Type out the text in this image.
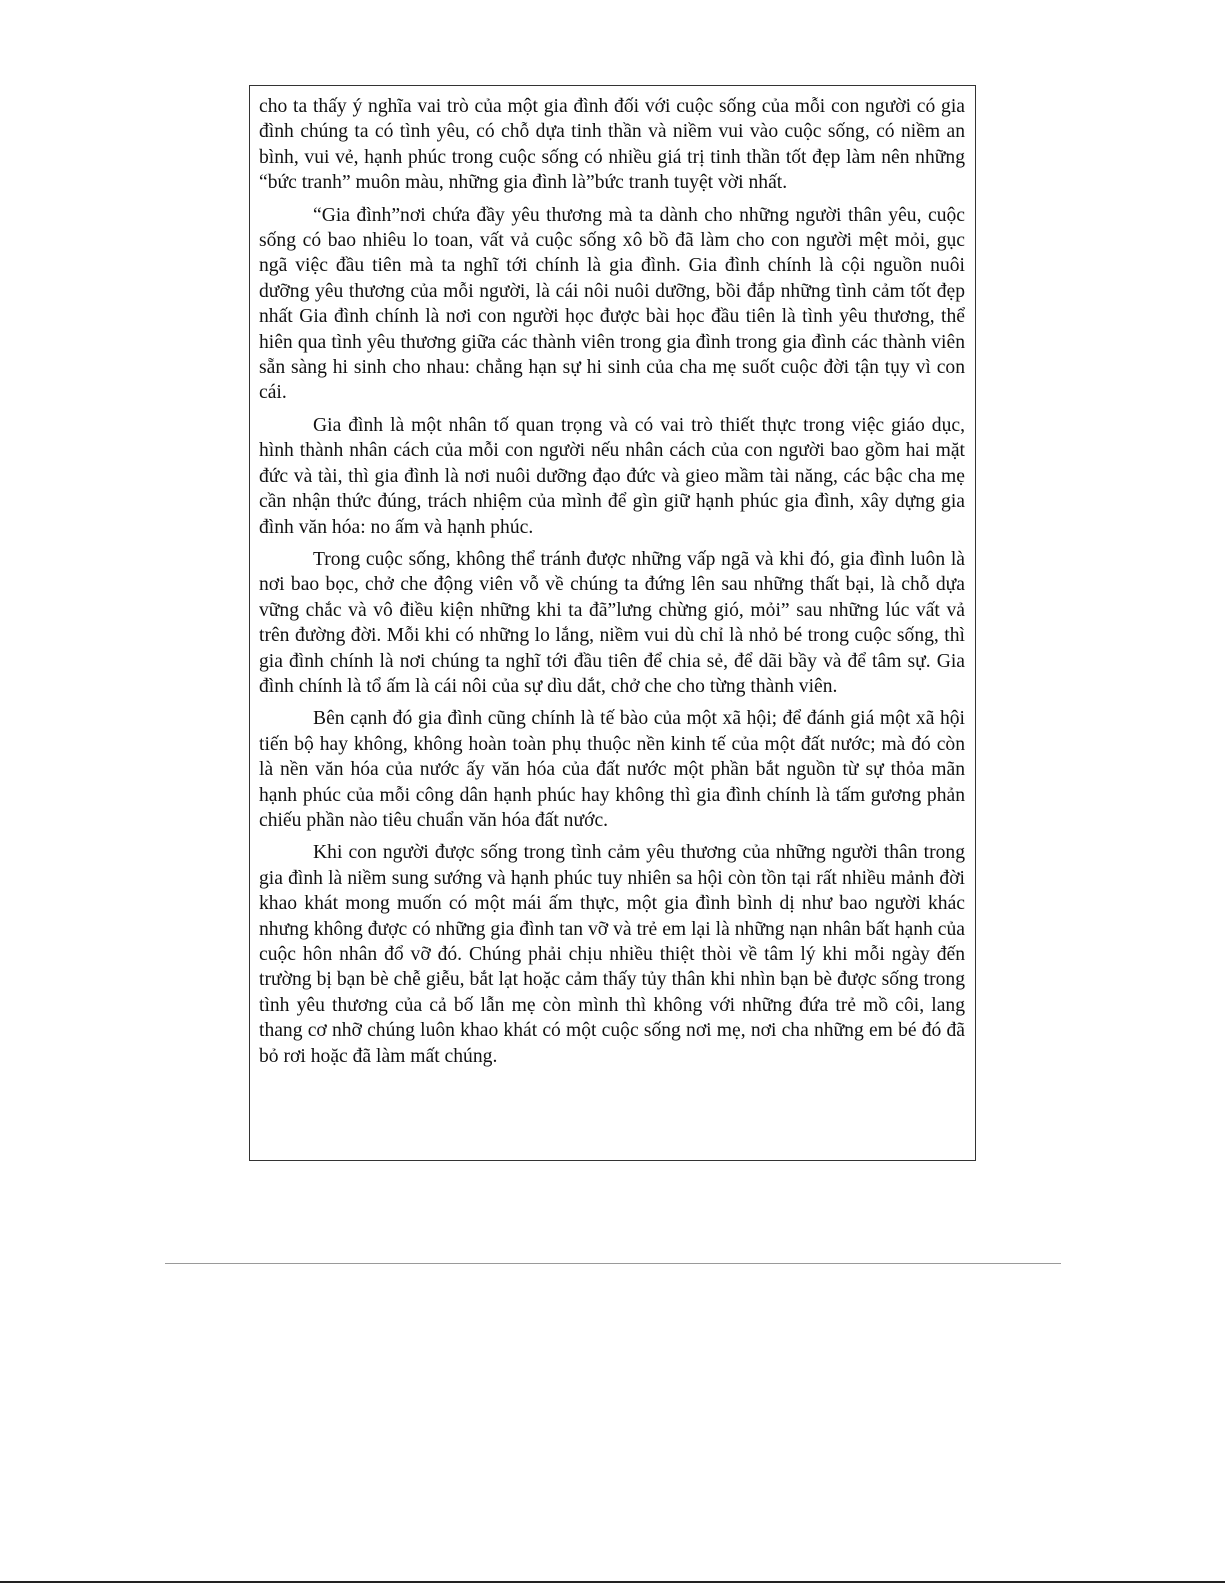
cho ta thấy ý nghĩa vai trò của một gia đình đối với cuộc sống của mỗi con người có gia đình chúng ta có tình yêu, có chỗ dựa tinh thần và niềm vui vào cuộc sống, có niềm an bình, vui vẻ, hạnh phúc trong cuộc sống có nhiều giá trị tinh thần tốt đẹp làm nên những “bức tranh” muôn màu, những gia đình là”bức tranh tuyệt vời nhất.

“Gia đình”nơi chứa đầy yêu thương mà ta dành cho những người thân yêu, cuộc sống có bao nhiêu lo toan, vất vả cuộc sống xô bồ đã làm cho con người mệt mỏi, gục ngã việc đầu tiên mà ta nghĩ tới chính là gia đình. Gia đình chính là cội nguồn nuôi dưỡng yêu thương của mỗi người, là cái nôi nuôi dưỡng, bồi đắp những tình cảm tốt đẹp nhất Gia đình chính là nơi con người học được bài học đầu tiên là tình yêu thương, thể hiên qua tình yêu thương giữa các thành viên trong gia đình trong gia đình các thành viên sẵn sàng hi sinh cho nhau: chẳng hạn sự hi sinh của cha mẹ suốt cuộc đời tận tụy vì con cái.

Gia đình là một nhân tố quan trọng và có vai trò thiết thực trong việc giáo dục, hình thành nhân cách của mỗi con người nếu nhân cách của con người bao gồm hai mặt đức và tài, thì gia đình là nơi nuôi dưỡng đạo đức và gieo mầm tài năng, các bậc cha mẹ cần nhận thức đúng, trách nhiệm của mình để gìn giữ hạnh phúc gia đình, xây dựng gia đình văn hóa: no ấm và hạnh phúc.

Trong cuộc sống, không thể tránh được những vấp ngã và khi đó, gia đình luôn là nơi bao bọc, chở che động viên vỗ về chúng ta đứng lên sau những thất bại, là chỗ dựa vững chắc và vô điều kiện những khi ta đã”lưng chừng gió, mỏi” sau những lúc vất vả trên đường đời. Mỗi khi có những lo lắng, niềm vui dù chỉ là nhỏ bé trong cuộc sống, thì gia đình chính là nơi chúng ta nghĩ tới đầu tiên để chia sẻ, để dãi bầy và để tâm sự. Gia đình chính là tổ ấm là cái nôi của sự dìu dắt, chở che cho từng thành viên.

Bên cạnh đó gia đình cũng chính là tế bào của một xã hội; để đánh giá một xã hội tiến bộ hay không, không hoàn toàn phụ thuộc nền kinh tế của một đất nước; mà đó còn là nền văn hóa của nước ấy văn hóa của đất nước một phần bắt nguồn từ sự thỏa mãn hạnh phúc của mỗi công dân hạnh phúc hay không thì gia đình chính là tấm gương phản chiếu phần nào tiêu chuẩn văn hóa đất nước.

Khi con người được sống trong tình cảm yêu thương của những người thân trong gia đình là niềm sung sướng và hạnh phúc tuy nhiên sa hội còn tồn tại rất nhiều mảnh đời khao khát mong muốn có một mái ấm thực, một gia đình bình dị như bao người khác nhưng không được có những gia đình tan vỡ và trẻ em lại là những nạn nhân bất hạnh của cuộc hôn nhân đổ vỡ đó. Chúng phải chịu nhiều thiệt thòi về tâm lý khi mỗi ngày đến trường bị bạn bè chễ giễu, bắt lạt hoặc cảm thấy tủy thân khi nhìn bạn bè được sống trong tình yêu thương của cả bố lẫn mẹ còn mình thì không với những đứa trẻ mồ côi, lang thang cơ nhỡ chúng luôn khao khát có một cuộc sống nơi mẹ, nơi cha những em bé đó đã bỏ rơi hoặc đã làm mất chúng.
